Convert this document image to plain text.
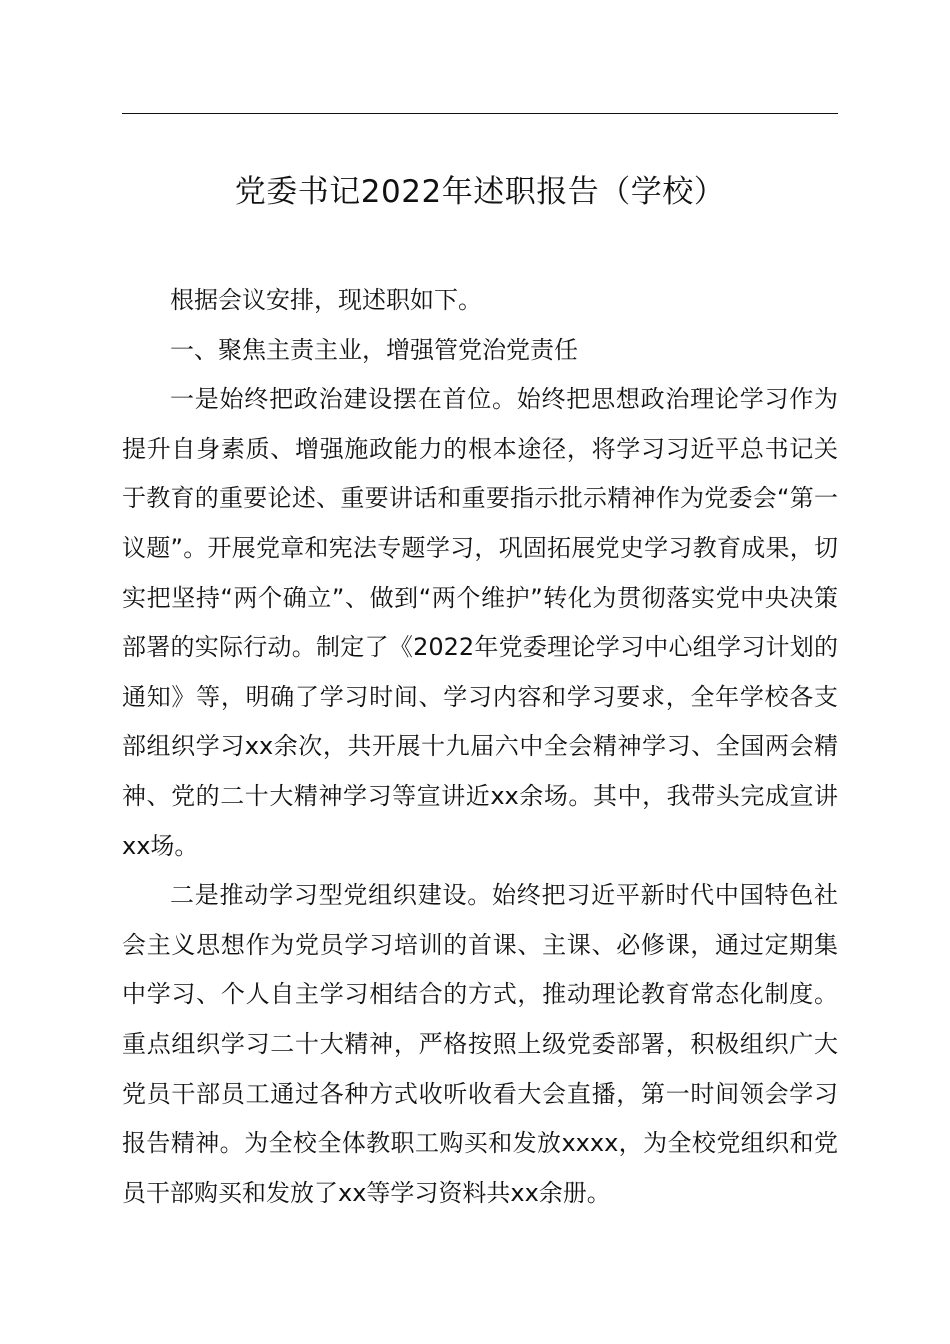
党委书记2022年述职报告（学校）

根据会议安排，现述职如下。

一、聚焦主责主业，增强管党治党责任

一是始终把政治建设摆在首位。始终把思想政治理论学习作为提升自身素质、增强施政能力的根本途径，将学习习近平总书记关于教育的重要论述、重要讲话和重要指示批示精神作为党委会“第一议题”。开展党章和宪法专题学习，巩固拓展党史学习教育成果，切实把坚持“两个确立”、做到“两个维护”转化为贯彻落实党中央决策部署的实际行动。制定了《2022年党委理论学习中心组学习计划的通知》等，明确了学习时间、学习内容和学习要求，全年学校各支部组织学习xx余次，共开展十九届六中全会精神学习、全国两会精神、党的二十大精神学习等宣讲近xx余场。其中，我带头完成宣讲xx场。

二是推动学习型党组织建设。始终把习近平新时代中国特色社会主义思想作为党员学习培训的首课、主课、必修课，通过定期集中学习、个人自主学习相结合的方式，推动理论教育常态化制度。重点组织学习二十大精神，严格按照上级党委部署，积极组织广大党员干部员工通过各种方式收听收看大会直播，第一时间领会学习报告精神。为全校全体教职工购买和发放xxxx，为全校党组织和党员干部购买和发放了xx等学习资料共xx余册。
